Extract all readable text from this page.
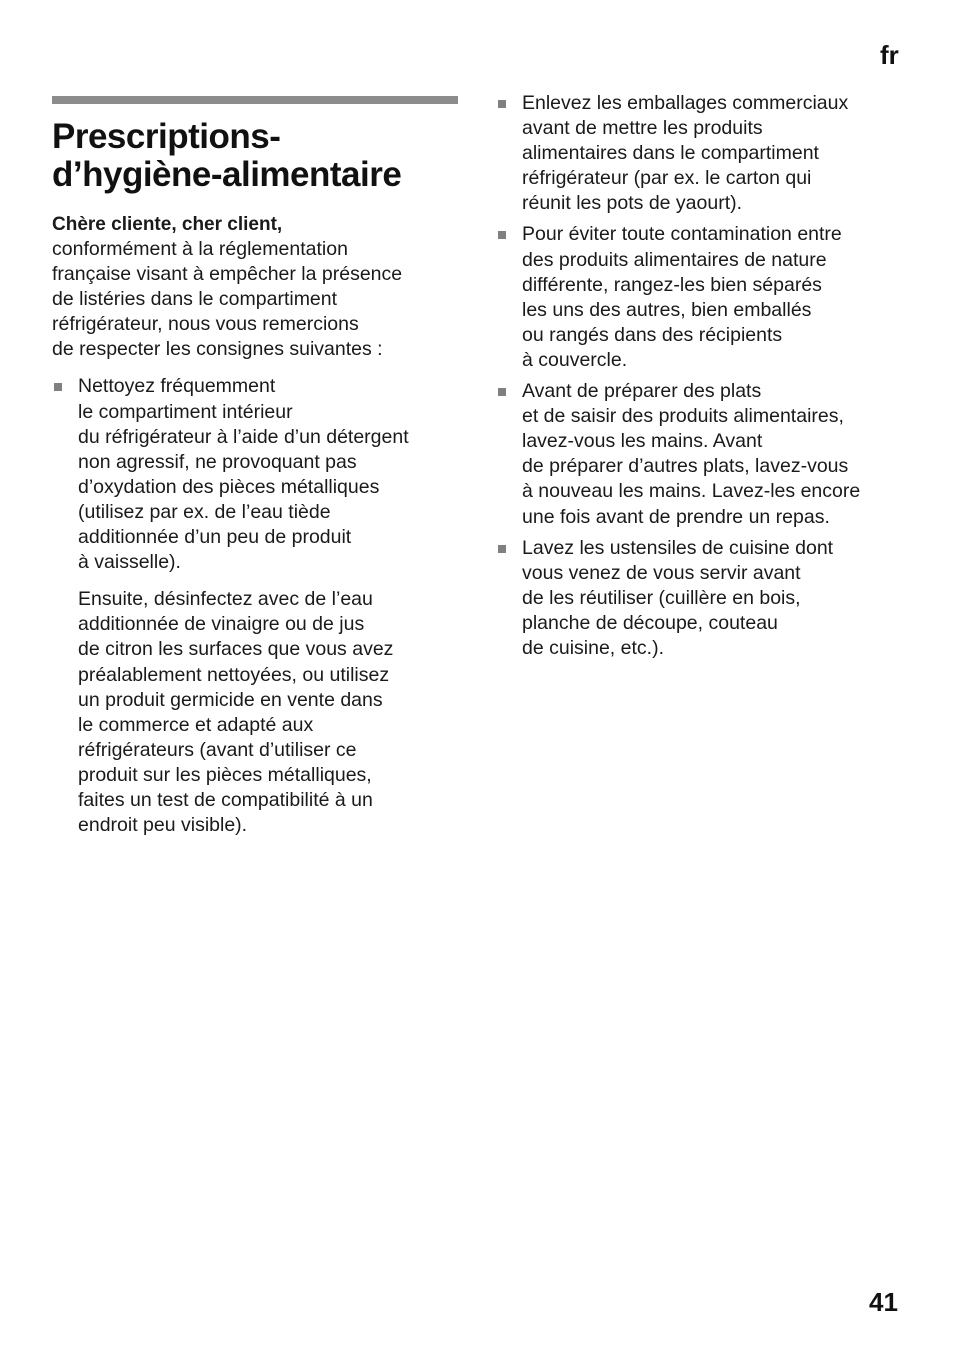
fr
Prescriptions-
d’hygiène-alimentaire
Chère cliente, cher client,
conformément à la réglementation
française visant à empêcher la présence
de listéries dans le compartiment
réfrigérateur, nous vous remercions
de respecter les consignes suivantes :
Nettoyez fréquemment
le compartiment intérieur
du réfrigérateur à l’aide d’un détergent
non agressif, ne provoquant pas
d’oxydation des pièces métalliques
(utilisez par ex. de l’eau tiède
additionnée d’un peu de produit
à vaisselle).
Ensuite, désinfectez avec de l’eau
additionnée de vinaigre ou de jus
de citron les surfaces que vous avez
préalablement nettoyées, ou utilisez
un produit germicide en vente dans
le commerce et adapté aux
réfrigérateurs (avant d’utiliser ce
produit sur les pièces métalliques,
faites un test de compatibilité à un
endroit peu visible).
Enlevez les emballages commerciaux
avant de mettre les produits
alimentaires dans le compartiment
réfrigérateur (par ex. le carton qui
réunit les pots de yaourt).
Pour éviter toute contamination entre
des produits alimentaires de nature
différente, rangez-les bien séparés
les uns des autres, bien emballés
ou rangés dans des récipients
à couvercle.
Avant de préparer des plats
et de saisir des produits alimentaires,
lavez-vous les mains. Avant
de préparer d’autres plats, lavez-vous
à nouveau les mains. Lavez-les encore
une fois avant de prendre un repas.
Lavez les ustensiles de cuisine dont
vous venez de vous servir avant
de les réutiliser (cuillère en bois,
planche de découpe, couteau
de cuisine, etc.).
41
